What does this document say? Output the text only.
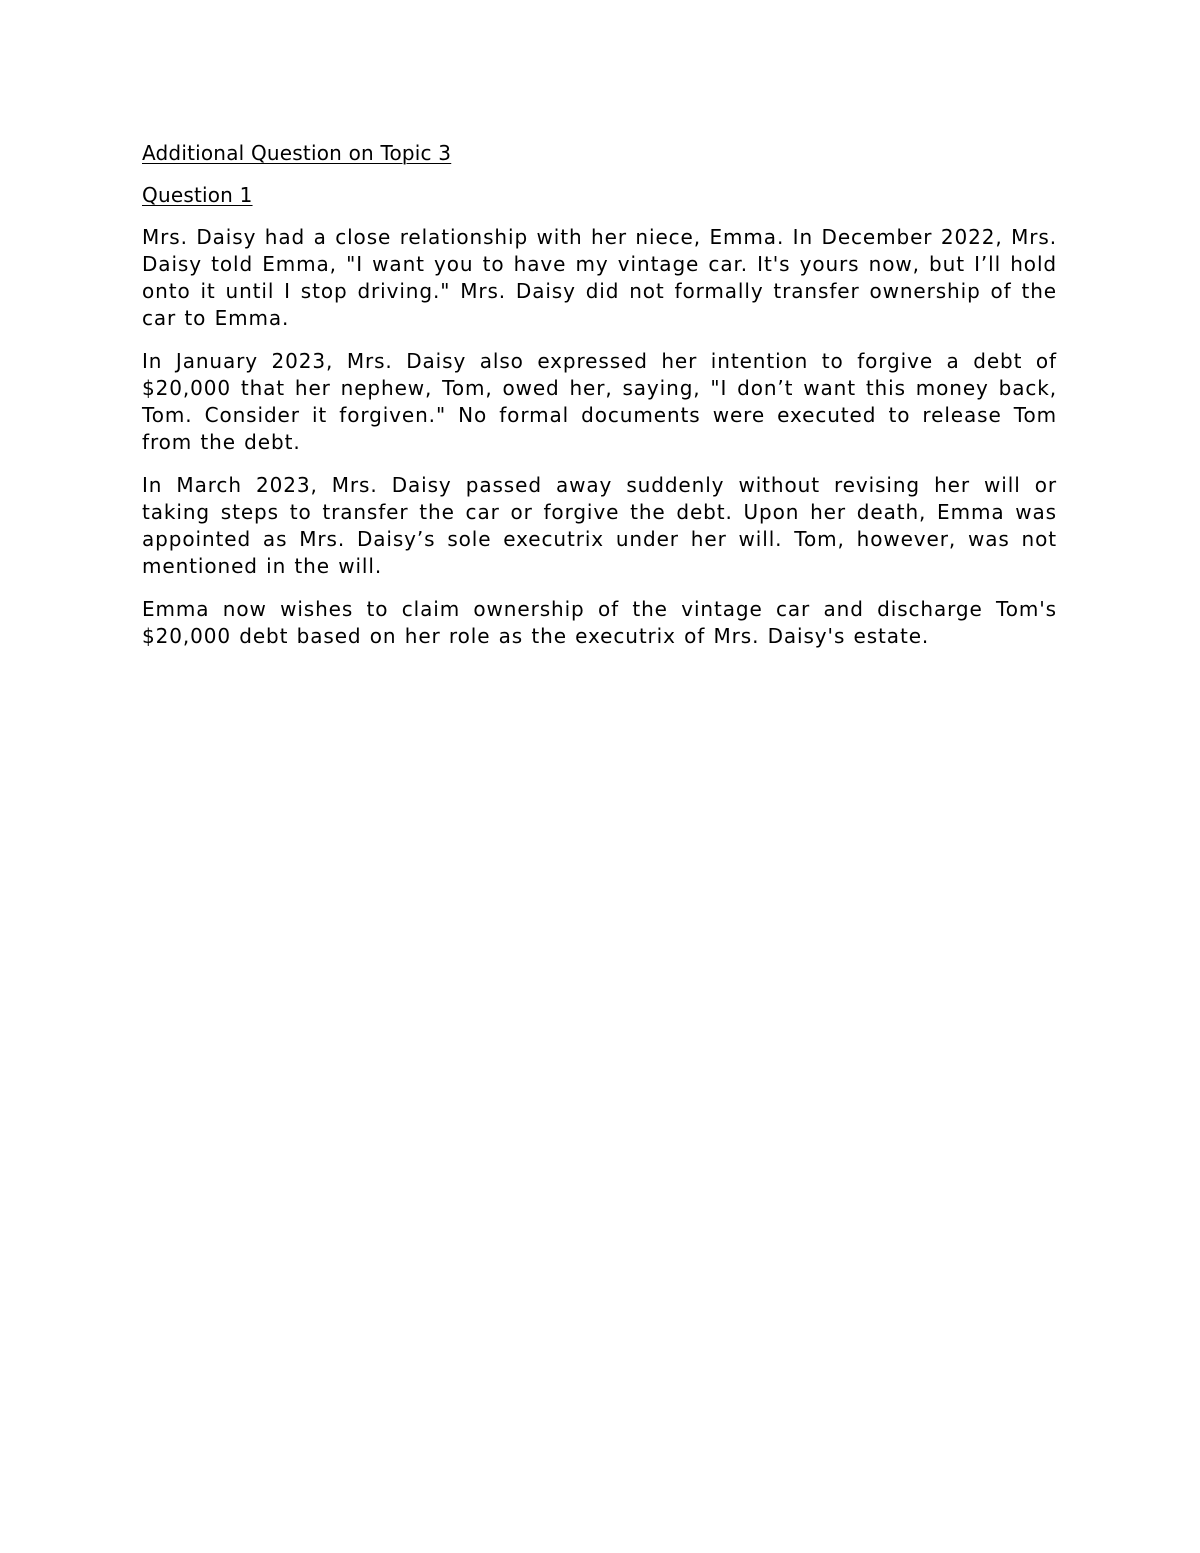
Additional Question on Topic 3

Question 1

Mrs. Daisy had a close relationship with her niece, Emma. In December 2022, Mrs. Daisy told Emma, "I want you to have my vintage car. It's yours now, but I’ll hold onto it until I stop driving." Mrs. Daisy did not formally transfer ownership of the car to Emma.

In January 2023, Mrs. Daisy also expressed her intention to forgive a debt of $20,000 that her nephew, Tom, owed her, saying, "I don’t want this money back, Tom. Consider it forgiven." No formal documents were executed to release Tom from the debt.

In March 2023, Mrs. Daisy passed away suddenly without revising her will or taking steps to transfer the car or forgive the debt. Upon her death, Emma was appointed as Mrs. Daisy’s sole executrix under her will. Tom, however, was not mentioned in the will.

Emma now wishes to claim ownership of the vintage car and discharge Tom's $20,000 debt based on her role as the executrix of Mrs. Daisy's estate.
